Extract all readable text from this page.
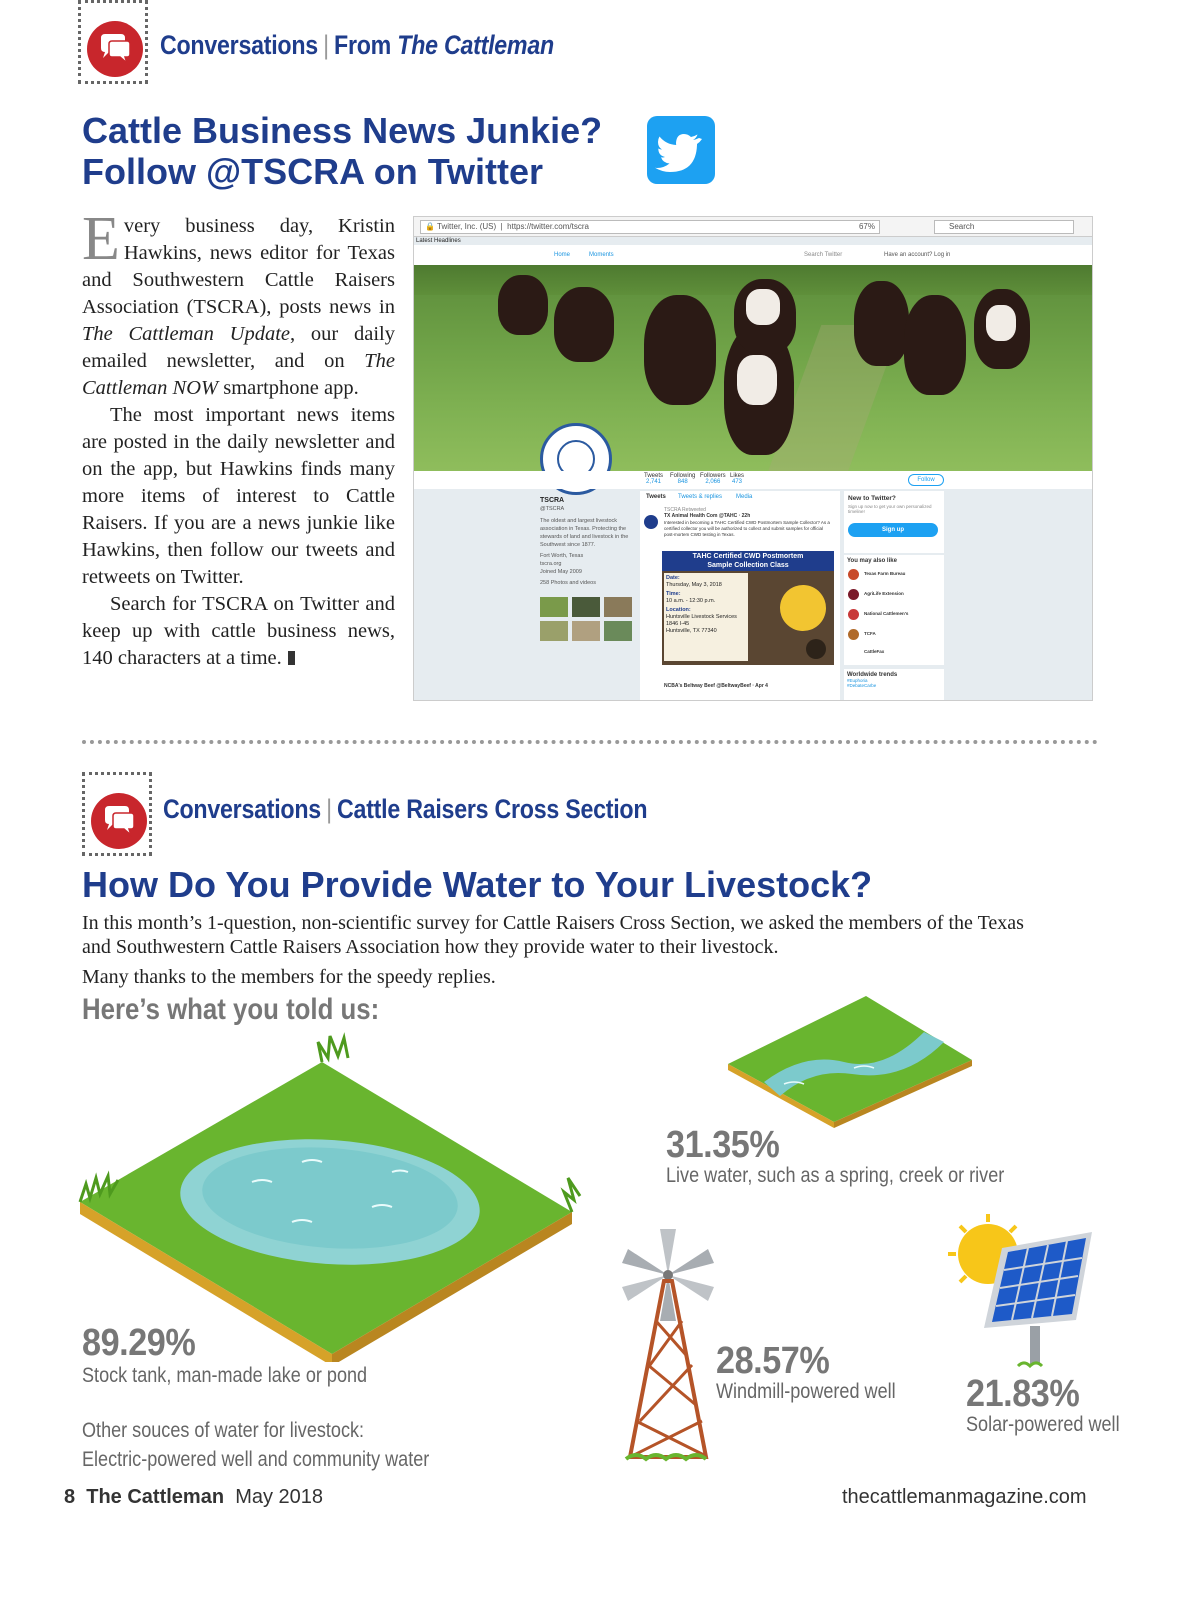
Conversations | From The Cattleman
Cattle Business News Junkie?
Follow @TSCRA on Twitter

Every business day, Kristin Hawkins, news editor for Texas and Southwestern Cattle Raisers Association (TSCRA), posts news in The Cattleman Update, our daily emailed newsletter, and on The Cattleman NOW smartphone app.

The most important news items are posted in the daily newsletter and on the app, but Hawkins finds many more items of interest to Cattle Raisers. If you are a news junkie like Hawkins, then follow our tweets and retweets on Twitter.

Search for TSCRA on Twitter and keep up with cattle business news, 140 characters at a time.

🔒 Twitter, Inc. (US)  |  https://twitter.com/tscra	67%	Search
Latest Headlines
Home	Moments	Search Twitter	Have an account? Log in
Tweets
2,741
Following
848
Followers
2,066
Likes
473	Follow
TSCRA
@TSCRA
The oldest and largest livestock association in Texas. Protecting the stewards of land and livestock in the Southwest since 1877.
Fort Worth, Texas
tscra.org
Joined May 2009
258 Photos and videos
Tweets Tweets & replies Media
TSCRA Retweeted
TX Animal Health Com @TAHC · 22h
Interested in becoming a TAHC Certified CWD Postmortem Sample Collector? As a certified collector you will be authorized to collect and submit samples for official post-mortem CWD testing in Texas.
TAHC Certified CWD Postmortem
Sample Collection Class
Date:
Thursday, May 3, 2018
Time:
10 a.m. - 12:30 p.m.
Location:
Huntsville Livestock Services
1846 I-45
Huntsville, TX 77340
NCBA's Beltway Beef @BeltwayBeef · Apr 4
New to Twitter?
Sign up now to get your own personalized timeline!
Sign up
You may also like
Texas Farm Bureau
AgriLife Extension
National Cattlemen's
TCFA
CattleFax
Worldwide trends
#Euphoria
#DebateCarbe
Conversations | Cattle Raisers Cross Section
How Do You Provide Water to Your Livestock?
In this month’s 1-question, non-scientific survey for Cattle Raisers Cross Section, we asked the members of the Texas and Southwestern Cattle Raisers Association how they provide water to their livestock.
Many thanks to the members for the speedy replies.
Here’s what you told us:
89.29%
Stock tank, man-made lake or pond
31.35%
Live water, such as a spring, creek or river
28.57%
Windmill-powered well 21.83%
Solar-powered well
Other souces of water for livestock:
Electric-powered well and community water
8 The Cattleman May 2018	thecattlemanmagazine.com
